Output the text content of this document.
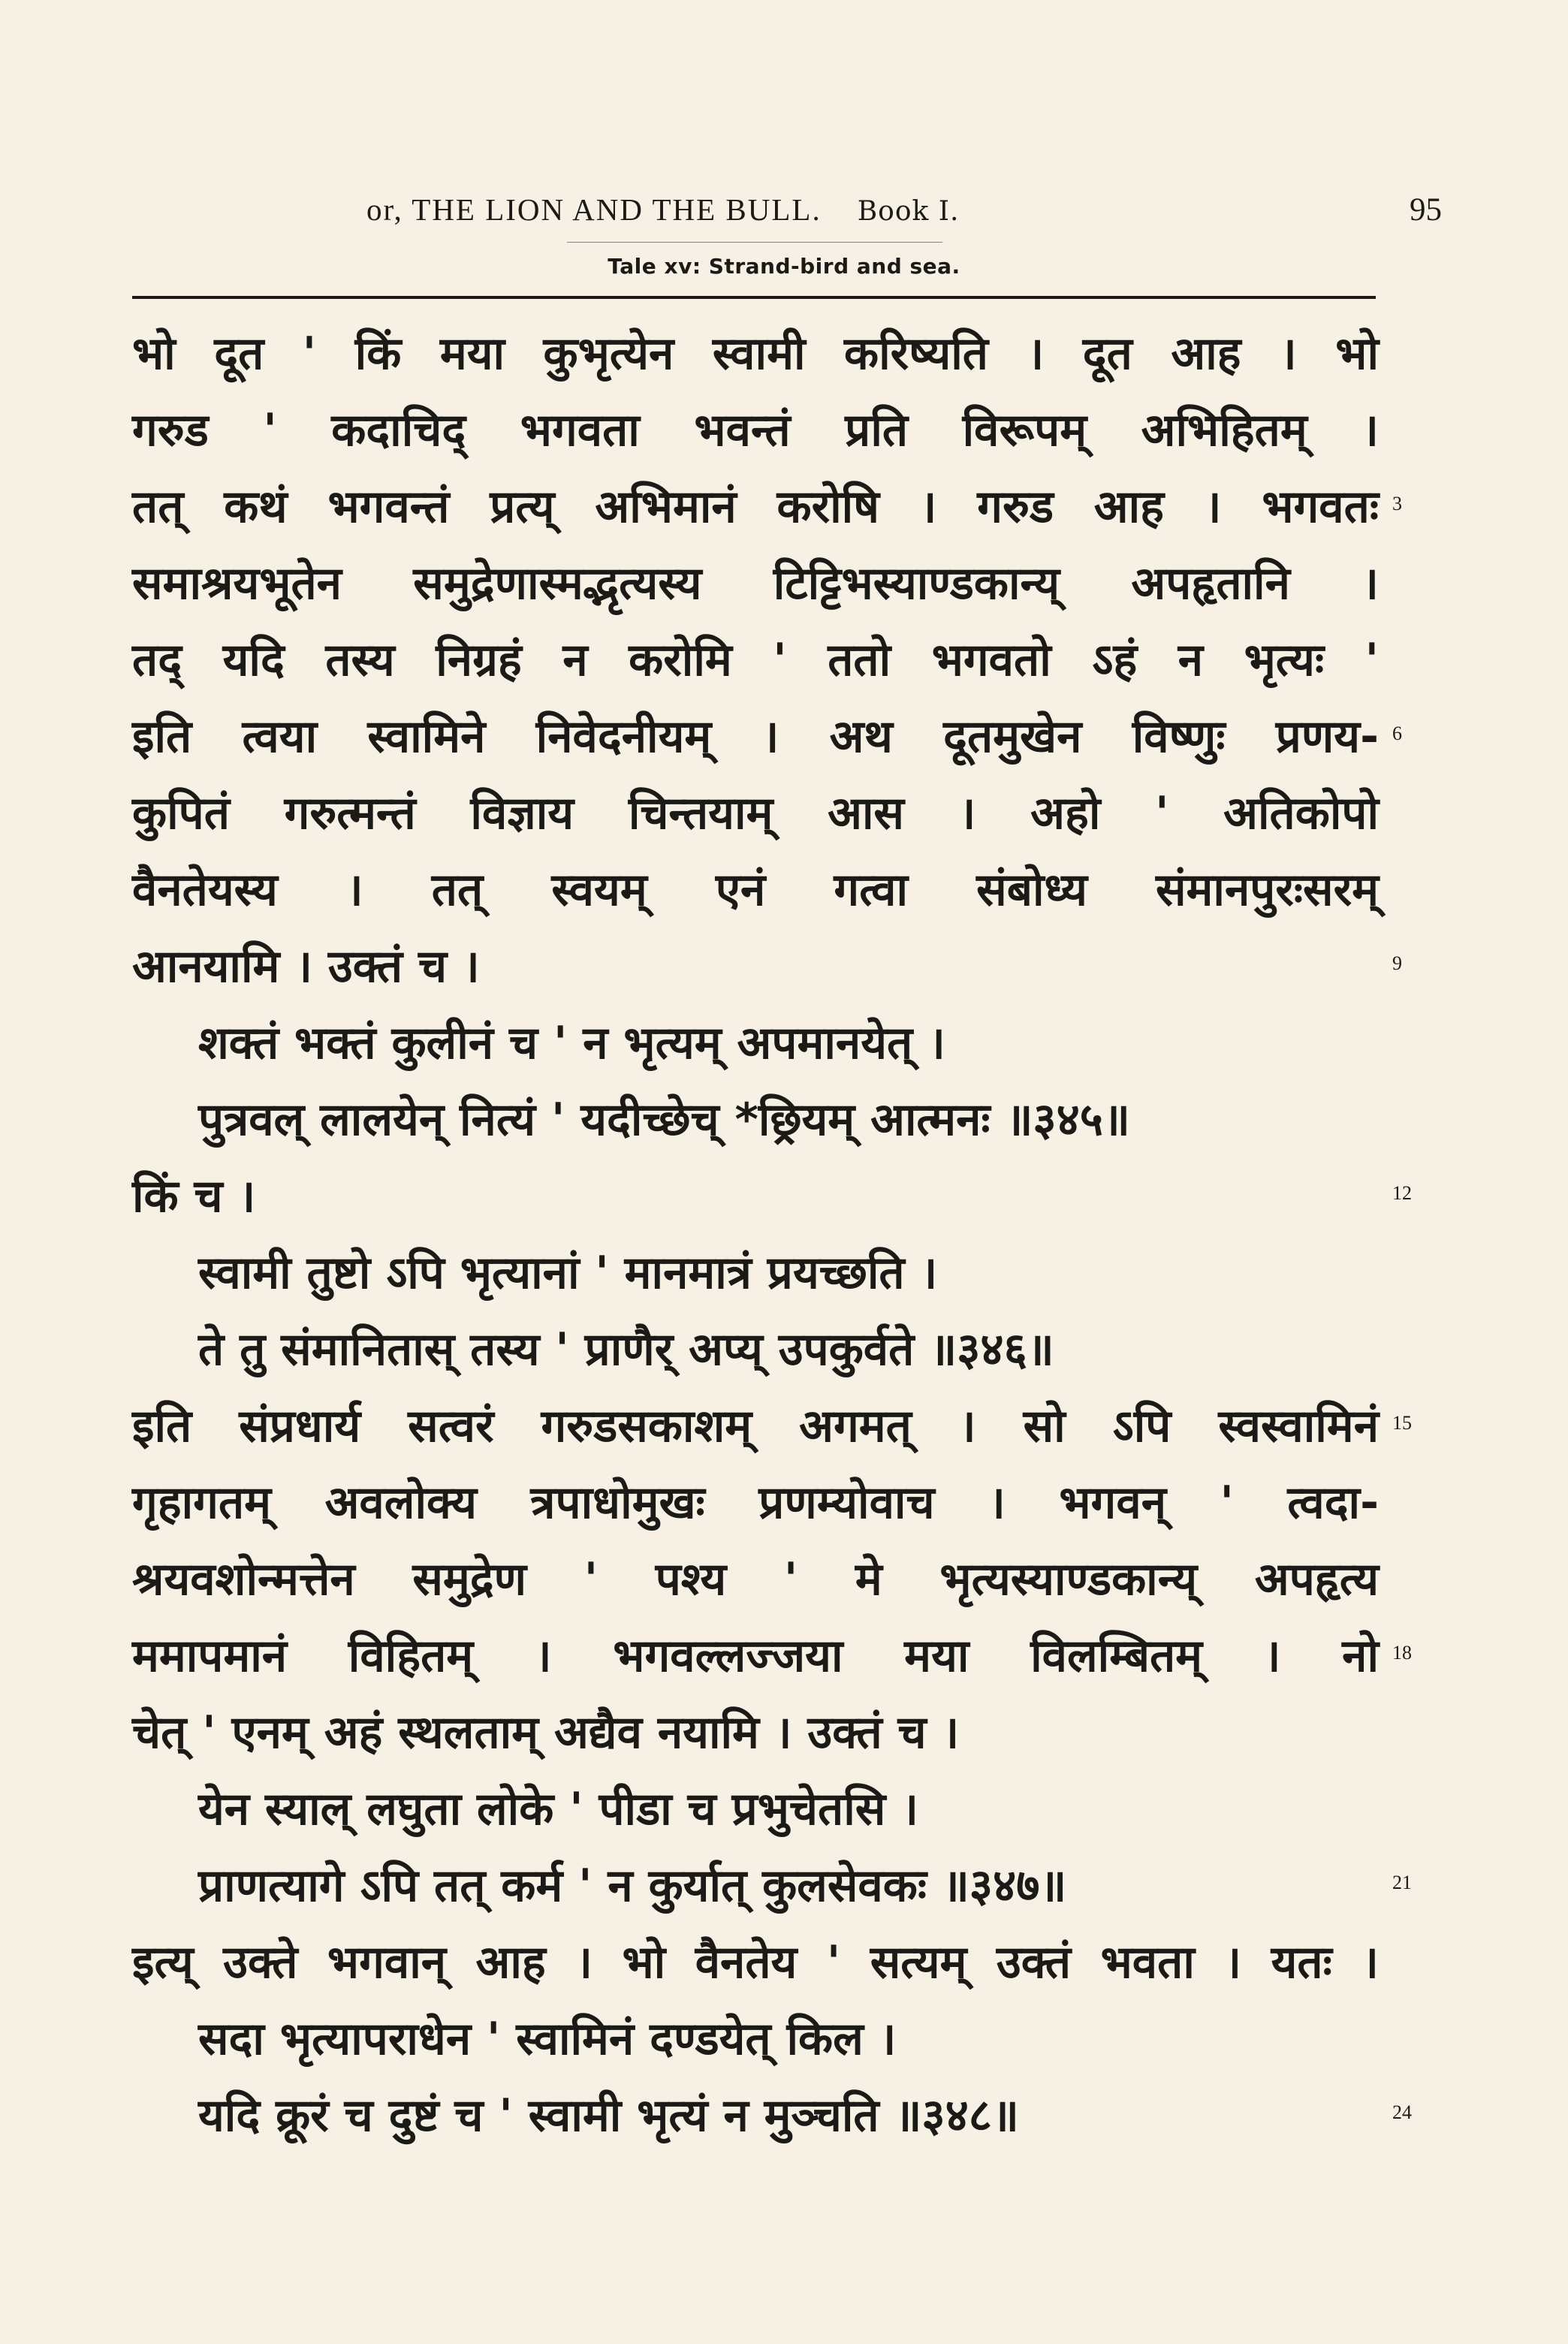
or, THE LION AND THE BULL. Book I.	95
Tale xv: Strand-bird and sea.
भो दूत ' किं मया कुभृत्येन स्वामी करिष्यति । दूत आह । भो
गरुड ' कदाचिद् भगवता भवन्तं प्रति विरूपम् अभिहितम् ।
तत् कथं भगवन्तं प्रत्य् अभिमानं करोषि । गरुड आह । भगवतः
समाश्रयभूतेन समुद्रेणास्मद्भृत्यस्य टिट्टिभस्याण्डकान्य् अपहृतानि ।
तद् यदि तस्य निग्रहं न करोमि ' ततो भगवतो ऽहं न भृत्यः '
इति त्वया स्वामिने निवेदनीयम् । अथ दूतमुखेन विष्णुः प्रणय-
कुपितं गरुत्मन्तं विज्ञाय चिन्तयाम् आस । अहो ' अतिकोपो
वैनतेयस्य । तत् स्वयम् एनं गत्वा संबोध्य संमानपुरःसरम्
आनयामि । उक्तं च ।
शक्तं भक्तं कुलीनं च ' न भृत्यम् अपमानयेत् ।
पुत्रवल् लालयेन् नित्यं ' यदीच्छेच् *छ्रियम् आत्मनः ॥३४५॥
किं च ।
स्वामी तुष्टो ऽपि भृत्यानां ' मानमात्रं प्रयच्छति ।
ते तु संमानितास् तस्य ' प्राणैर् अप्य् उपकुर्वते ॥३४६॥
इति संप्रधार्य सत्वरं गरुडसकाशम् अगमत् । सो ऽपि स्वस्वामिनं
गृहागतम् अवलोक्य त्रपाधोमुखः प्रणम्योवाच । भगवन् ' त्वदा-
श्रयवशोन्मत्तेन समुद्रेण ' पश्य ' मे भृत्यस्याण्डकान्य् अपहृत्य
ममापमानं विहितम् । भगवल्लज्जया मया विलम्बितम् । नो
चेत् ' एनम् अहं स्थलताम् अद्यैव नयामि । उक्तं च ।
येन स्याल् लघुता लोके ' पीडा च प्रभुचेतसि ।
प्राणत्यागे ऽपि तत् कर्म ' न कुर्यात् कुलसेवकः ॥३४७॥
इत्य् उक्ते भगवान् आह । भो वैनतेय ' सत्यम् उक्तं भवता । यतः ।
सदा भृत्यापराधेन ' स्वामिनं दण्डयेत् किल ।
यदि क्रूरं च दुष्टं च ' स्वामी भृत्यं न मुञ्चति ॥३४८॥
3
6
9
12
15
18
21
24
